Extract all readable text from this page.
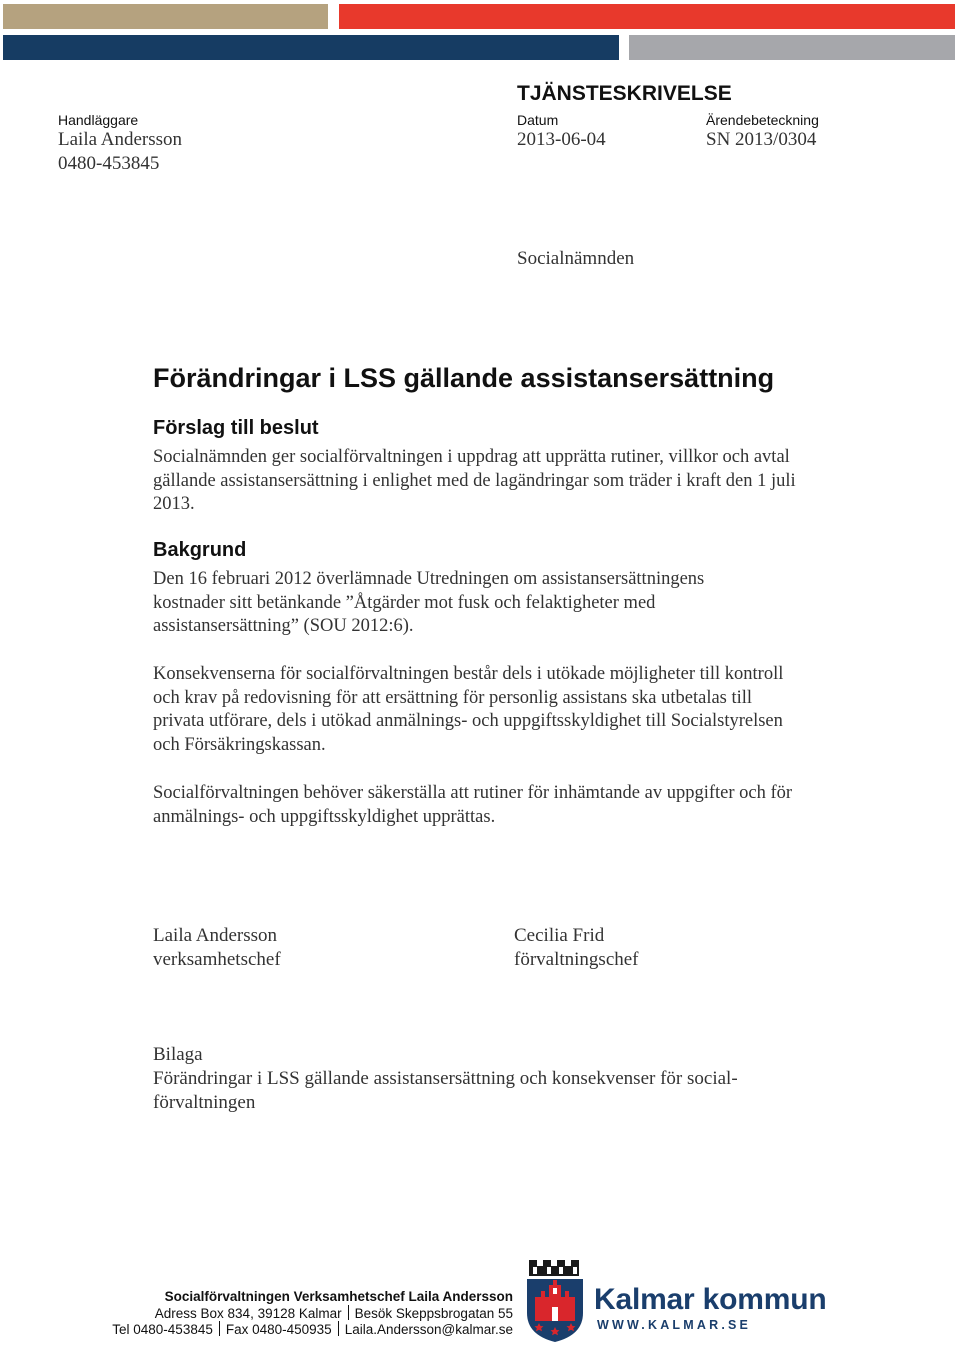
TJÄNSTESKRIVELSE
Handläggare
Laila Andersson
0480-453845
Datum
2013-06-04
Ärendebeteckning
SN 2013/0304
Socialnämnden
Förändringar i LSS gällande assistansersättning
Förslag till beslut

Socialnämnden ger socialförvaltningen i uppdrag att upprätta rutiner, villkor och avtal gällande assistansersättning i enlighet med de lagändringar som träder i kraft den 1 juli 2013.

Bakgrund

Den 16 februari 2012 överlämnade Utredningen om assistansersättningens kostnader sitt betänkande ”Åtgärder mot fusk och felaktigheter med assistansersättning” (SOU 2012:6).

Konsekvenserna för socialförvaltningen består dels i utökade möjligheter till kontroll och krav på redovisning för att ersättning för personlig assistans ska utbetalas till privata utförare, dels i utökad anmälnings- och uppgiftsskyldighet till Socialstyrelsen och Försäkringskassan.

Socialförvaltningen behöver säkerställa att rutiner för inhämtande av uppgifter och för anmälnings- och uppgiftsskyldighet upprättas.

Laila Andersson
verksamhetschef
Cecilia Frid
förvaltningschef
Bilaga
Förändringar i LSS gällande assistansersättning och konsekvenser för social-
förvaltningen
Socialförvaltningen Verksamhetschef Laila Andersson
Adress Box 834, 39128 Kalmar Besök Skeppsbrogatan 55
Tel 0480-453845 Fax 0480-450935 Laila.Andersson@kalmar.se
Kalmar kommun
WWW.KALMAR.SE
